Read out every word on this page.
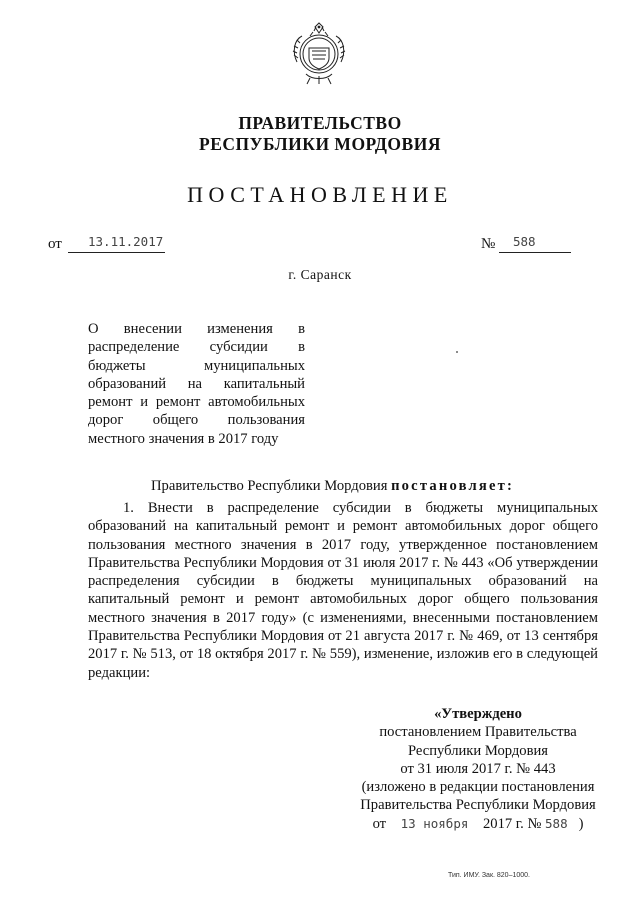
ПРАВИТЕЛЬСТВО
РЕСПУБЛИКИ МОРДОВИЯ
ПОСТАНОВЛЕНИЕ
от 13.11.2017	№ 588
г. Саранск
О внесении изменения в распределение субсидии в бюджеты муниципальных образований на капитальный ремонт и ремонт автомобильных дорог общего пользования местного значения в 2017 году
Правительство Республики Мордовия постановляет:
1. Внести в распределение субсидии в бюджеты муниципальных образований на капитальный ремонт и ремонт автомобильных дорог общего пользования местного значения в 2017 году, утвержденное постановлением Правительства Республики Мордовия от 31 июля 2017 г. № 443 «Об утверждении распределения субсидии в бюджеты муниципальных образований на капитальный ремонт и ремонт автомобильных дорог общего пользования местного значения в 2017 году» (с изменениями, внесенными постановлением Правительства Республики Мордовия от 21 августа 2017 г. № 469, от 13 сентября 2017 г. № 513, от 18 октября 2017 г. № 559), изменение, изложив его в следующей редакции:
«Утверждено
постановлением Правительства
Республики Мордовия
от 31 июля 2017 г. № 443
(изложено в редакции постановления
Правительства Республики Мордовия
от 13 ноября 2017 г. № 588 )
Тип. ИМУ. Зак. 820–1000.
